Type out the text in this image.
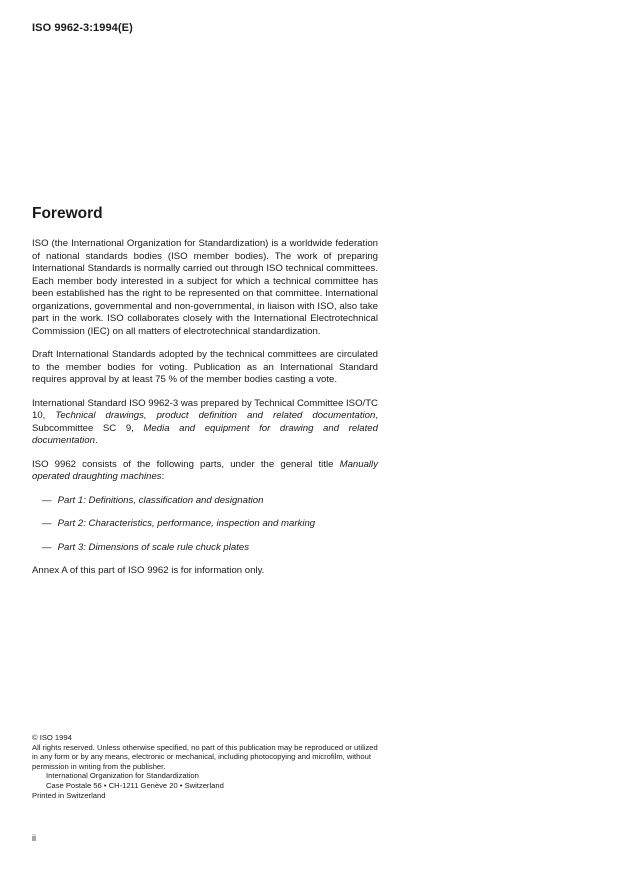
ISO 9962-3:1994(E)
Foreword

ISO (the International Organization for Standardization) is a worldwide federation of national standards bodies (ISO member bodies). The work of preparing International Standards is normally carried out through ISO technical committees. Each member body interested in a subject for which a technical committee has been established has the right to be represented on that committee. International organizations, governmental and non-governmental, in liaison with ISO, also take part in the work. ISO collaborates closely with the International Electrotechnical Commission (IEC) on all matters of electrotechnical standardization.

Draft International Standards adopted by the technical committees are circulated to the member bodies for voting. Publication as an International Standard requires approval by at least 75 % of the member bodies casting a vote.

International Standard ISO 9962-3 was prepared by Technical Committee ISO/TC 10, Technical drawings, product definition and related documentation, Subcommittee SC 9, Media and equipment for drawing and related documentation.

ISO 9962 consists of the following parts, under the general title Manually operated draughting machines:

— Part 1: Definitions, classification and designation
— Part 2: Characteristics, performance, inspection and marking
— Part 3: Dimensions of scale rule chuck plates

Annex A of this part of ISO 9962 is for information only.

© ISO 1994

All rights reserved. Unless otherwise specified, no part of this publication may be reproduced or utilized in any form or by any means, electronic or mechanical, including photocopying and microfilm, without permission in writing from the publisher.

International Organization for Standardization

Case Postale 56 • CH-1211 Genève 20 • Switzerland

Printed in Switzerland

ii
